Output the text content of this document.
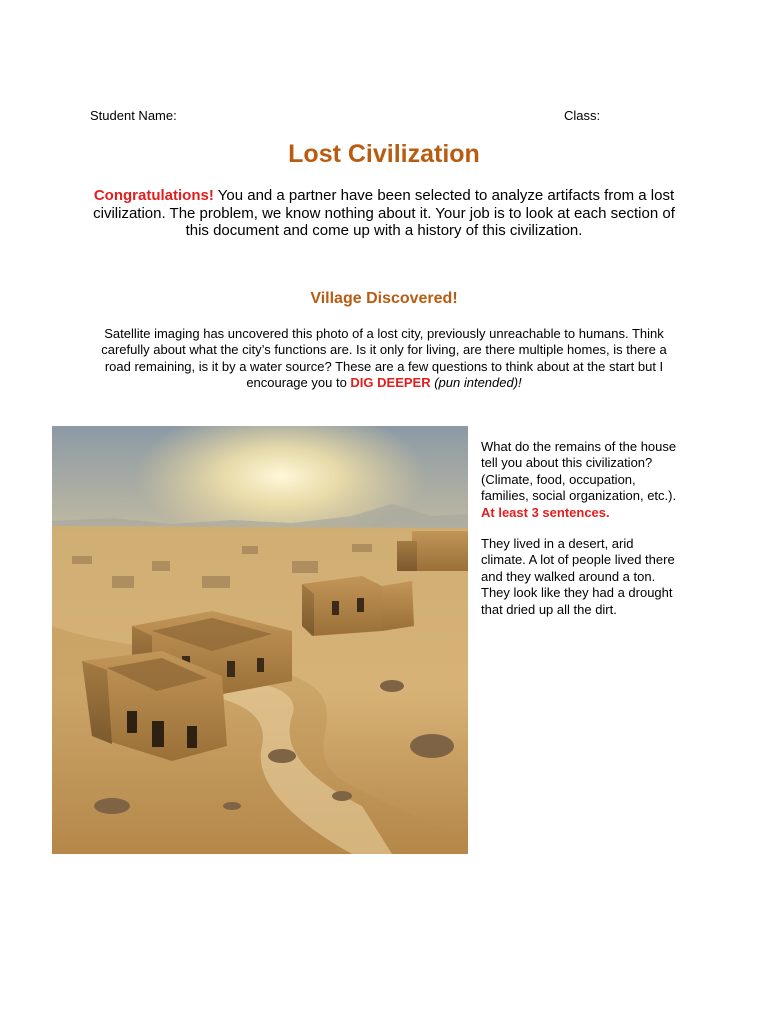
Student Name:	Class:
Lost Civilization
Congratulations! You and a partner have been selected to analyze artifacts from a lost civilization. The problem, we know nothing about it. Your job is to look at each section of this document and come up with a history of this civilization.
Village Discovered!
Satellite imaging has uncovered this photo of a lost city, previously unreachable to humans. Think carefully about what the city’s functions are. Is it only for living, are there multiple homes, is there a road remaining, is it by a water source? These are a few questions to think about at the start but I encourage you to DIG DEEPER (pun intended)!

What do the remains of the house tell you about this civilization? (Climate, food, occupation, families, social organization, etc.). At least 3 sentences.

They lived in a desert, arid climate. A lot of people lived there and they walked around a ton. They look like they had a drought that dried up all the dirt.
